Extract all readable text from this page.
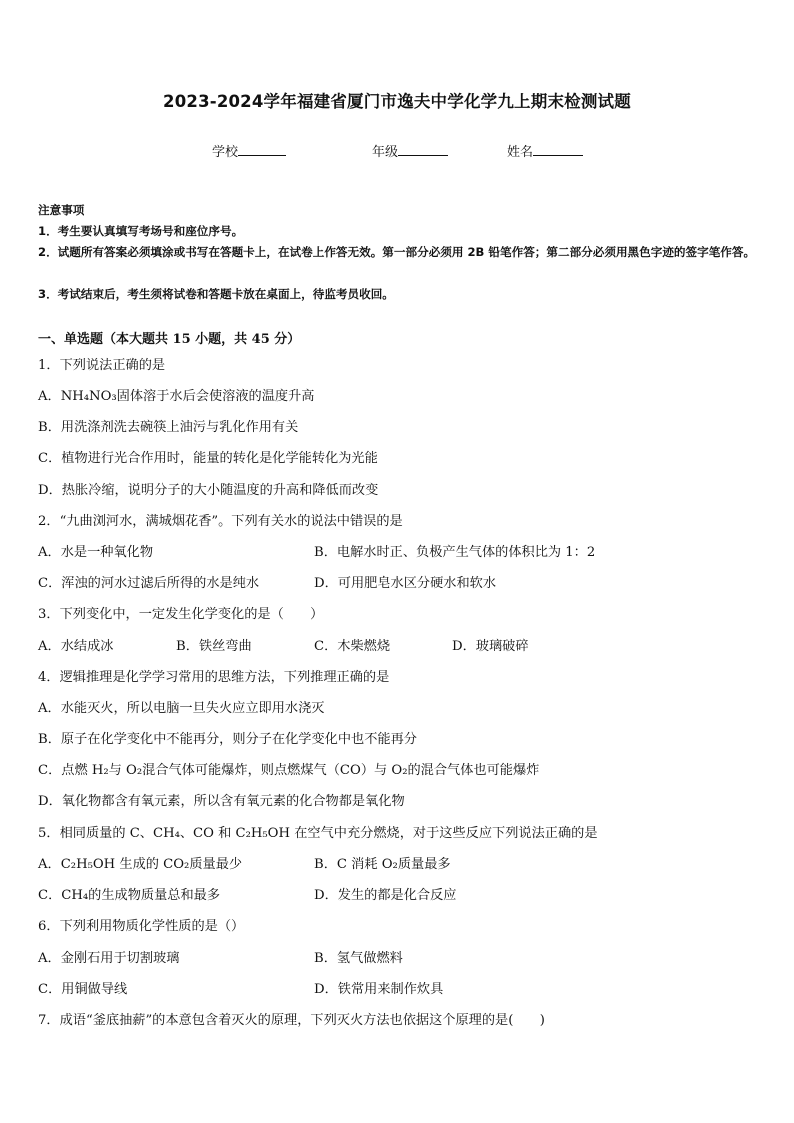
2023-2024学年福建省厦门市逸夫中学化学九上期末检测试题
学校	年级	姓名
注意事项
1．考生要认真填写考场号和座位序号。
2．试题所有答案必须填涂或书写在答题卡上，在试卷上作答无效。第一部分必须用 2B 铅笔作答；第二部分必须用黑色字迹的签字笔作答。
3．考试结束后，考生须将试卷和答题卡放在桌面上，待监考员收回。
一、单选题（本大题共 15 小题，共 45 分）
1．下列说法正确的是
A．NH₄NO₃固体溶于水后会使溶液的温度升高
B．用洗涤剂洗去碗筷上油污与乳化作用有关
C．植物进行光合作用时，能量的转化是化学能转化为光能
D．热胀冷缩，说明分子的大小随温度的升高和降低而改变
2．“九曲浏河水，满城烟花香”。下列有关水的说法中错误的是
A．水是一种氧化物	B．电解水时正、负极产生气体的体积比为 1：2
C．浑浊的河水过滤后所得的水是纯水	D．可用肥皂水区分硬水和软水
3．下列变化中，一定发生化学变化的是（　　）
A．水结成冰	B．铁丝弯曲	C．木柴燃烧	D．玻璃破碎
4．逻辑推理是化学学习常用的思维方法，下列推理正确的是
A．水能灭火，所以电脑一旦失火应立即用水浇灭
B．原子在化学变化中不能再分，则分子在化学变化中也不能再分
C．点燃 H₂与 O₂混合气体可能爆炸，则点燃煤气（CO）与 O₂的混合气体也可能爆炸
D．氧化物都含有氧元素，所以含有氧元素的化合物都是氧化物
5．相同质量的 C、CH₄、CO 和 C₂H₅OH 在空气中充分燃烧，对于这些反应下列说法正确的是
A．C₂H₅OH 生成的 CO₂质量最少	B．C 消耗 O₂质量最多
C．CH₄的生成物质量总和最多	D．发生的都是化合反应
6．下列利用物质化学性质的是（）
A．金刚石用于切割玻璃	B．氢气做燃料
C．用铜做导线	D．铁常用来制作炊具
7．成语“釜底抽薪”的本意包含着灭火的原理，下列灭火方法也依据这个原理的是(　　)
